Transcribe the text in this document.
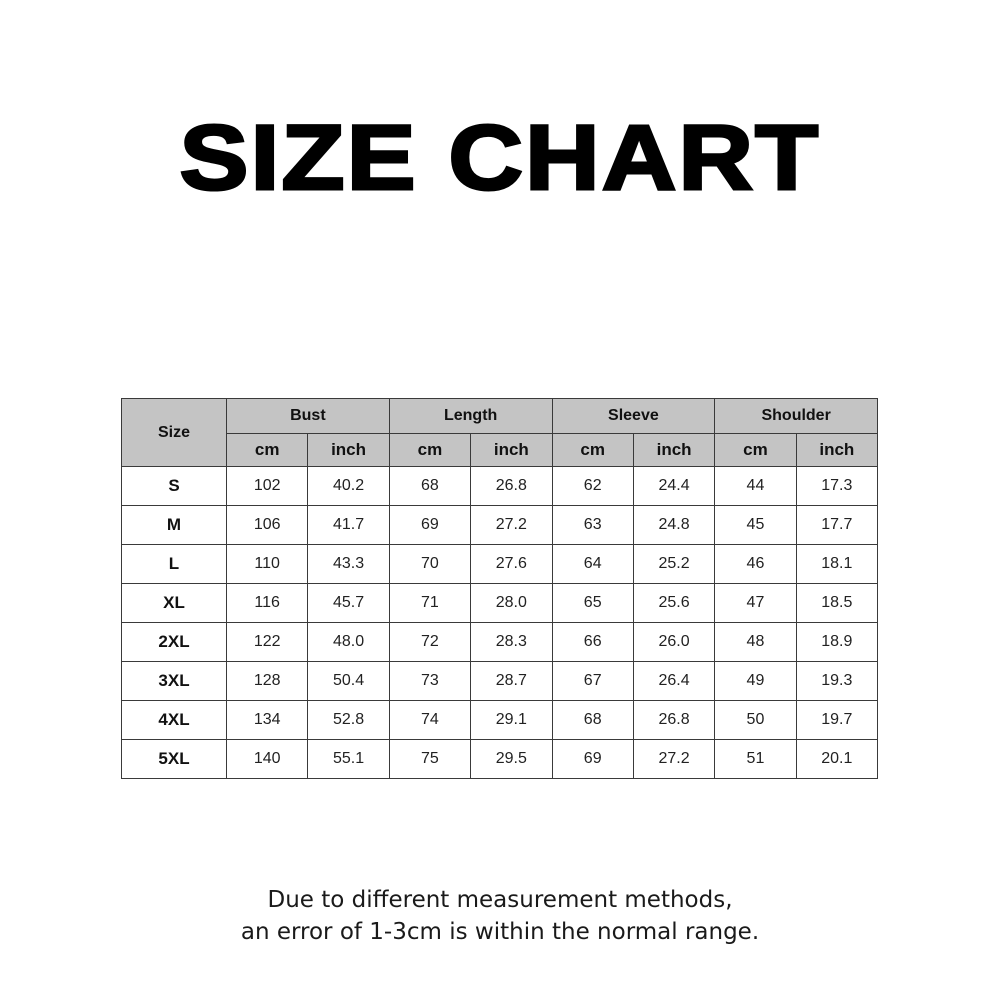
SIZE CHART
Size	Bust		Length		Sleeve		Shoulder	
	cm	inch	cm	inch	cm	inch	cm	inch
S	102	40.2	68	26.8	62	24.4	44	17.3
M	106	41.7	69	27.2	63	24.8	45	17.7
L	110	43.3	70	27.6	64	25.2	46	18.1
XL	116	45.7	71	28.0	65	25.6	47	18.5
2XL	122	48.0	72	28.3	66	26.0	48	18.9
3XL	128	50.4	73	28.7	67	26.4	49	19.3
4XL	134	52.8	74	29.1	68	26.8	50	19.7
5XL	140	55.1	75	29.5	69	27.2	51	20.1
Due to different measurement methods,
an error of 1-3cm is within the normal range.
